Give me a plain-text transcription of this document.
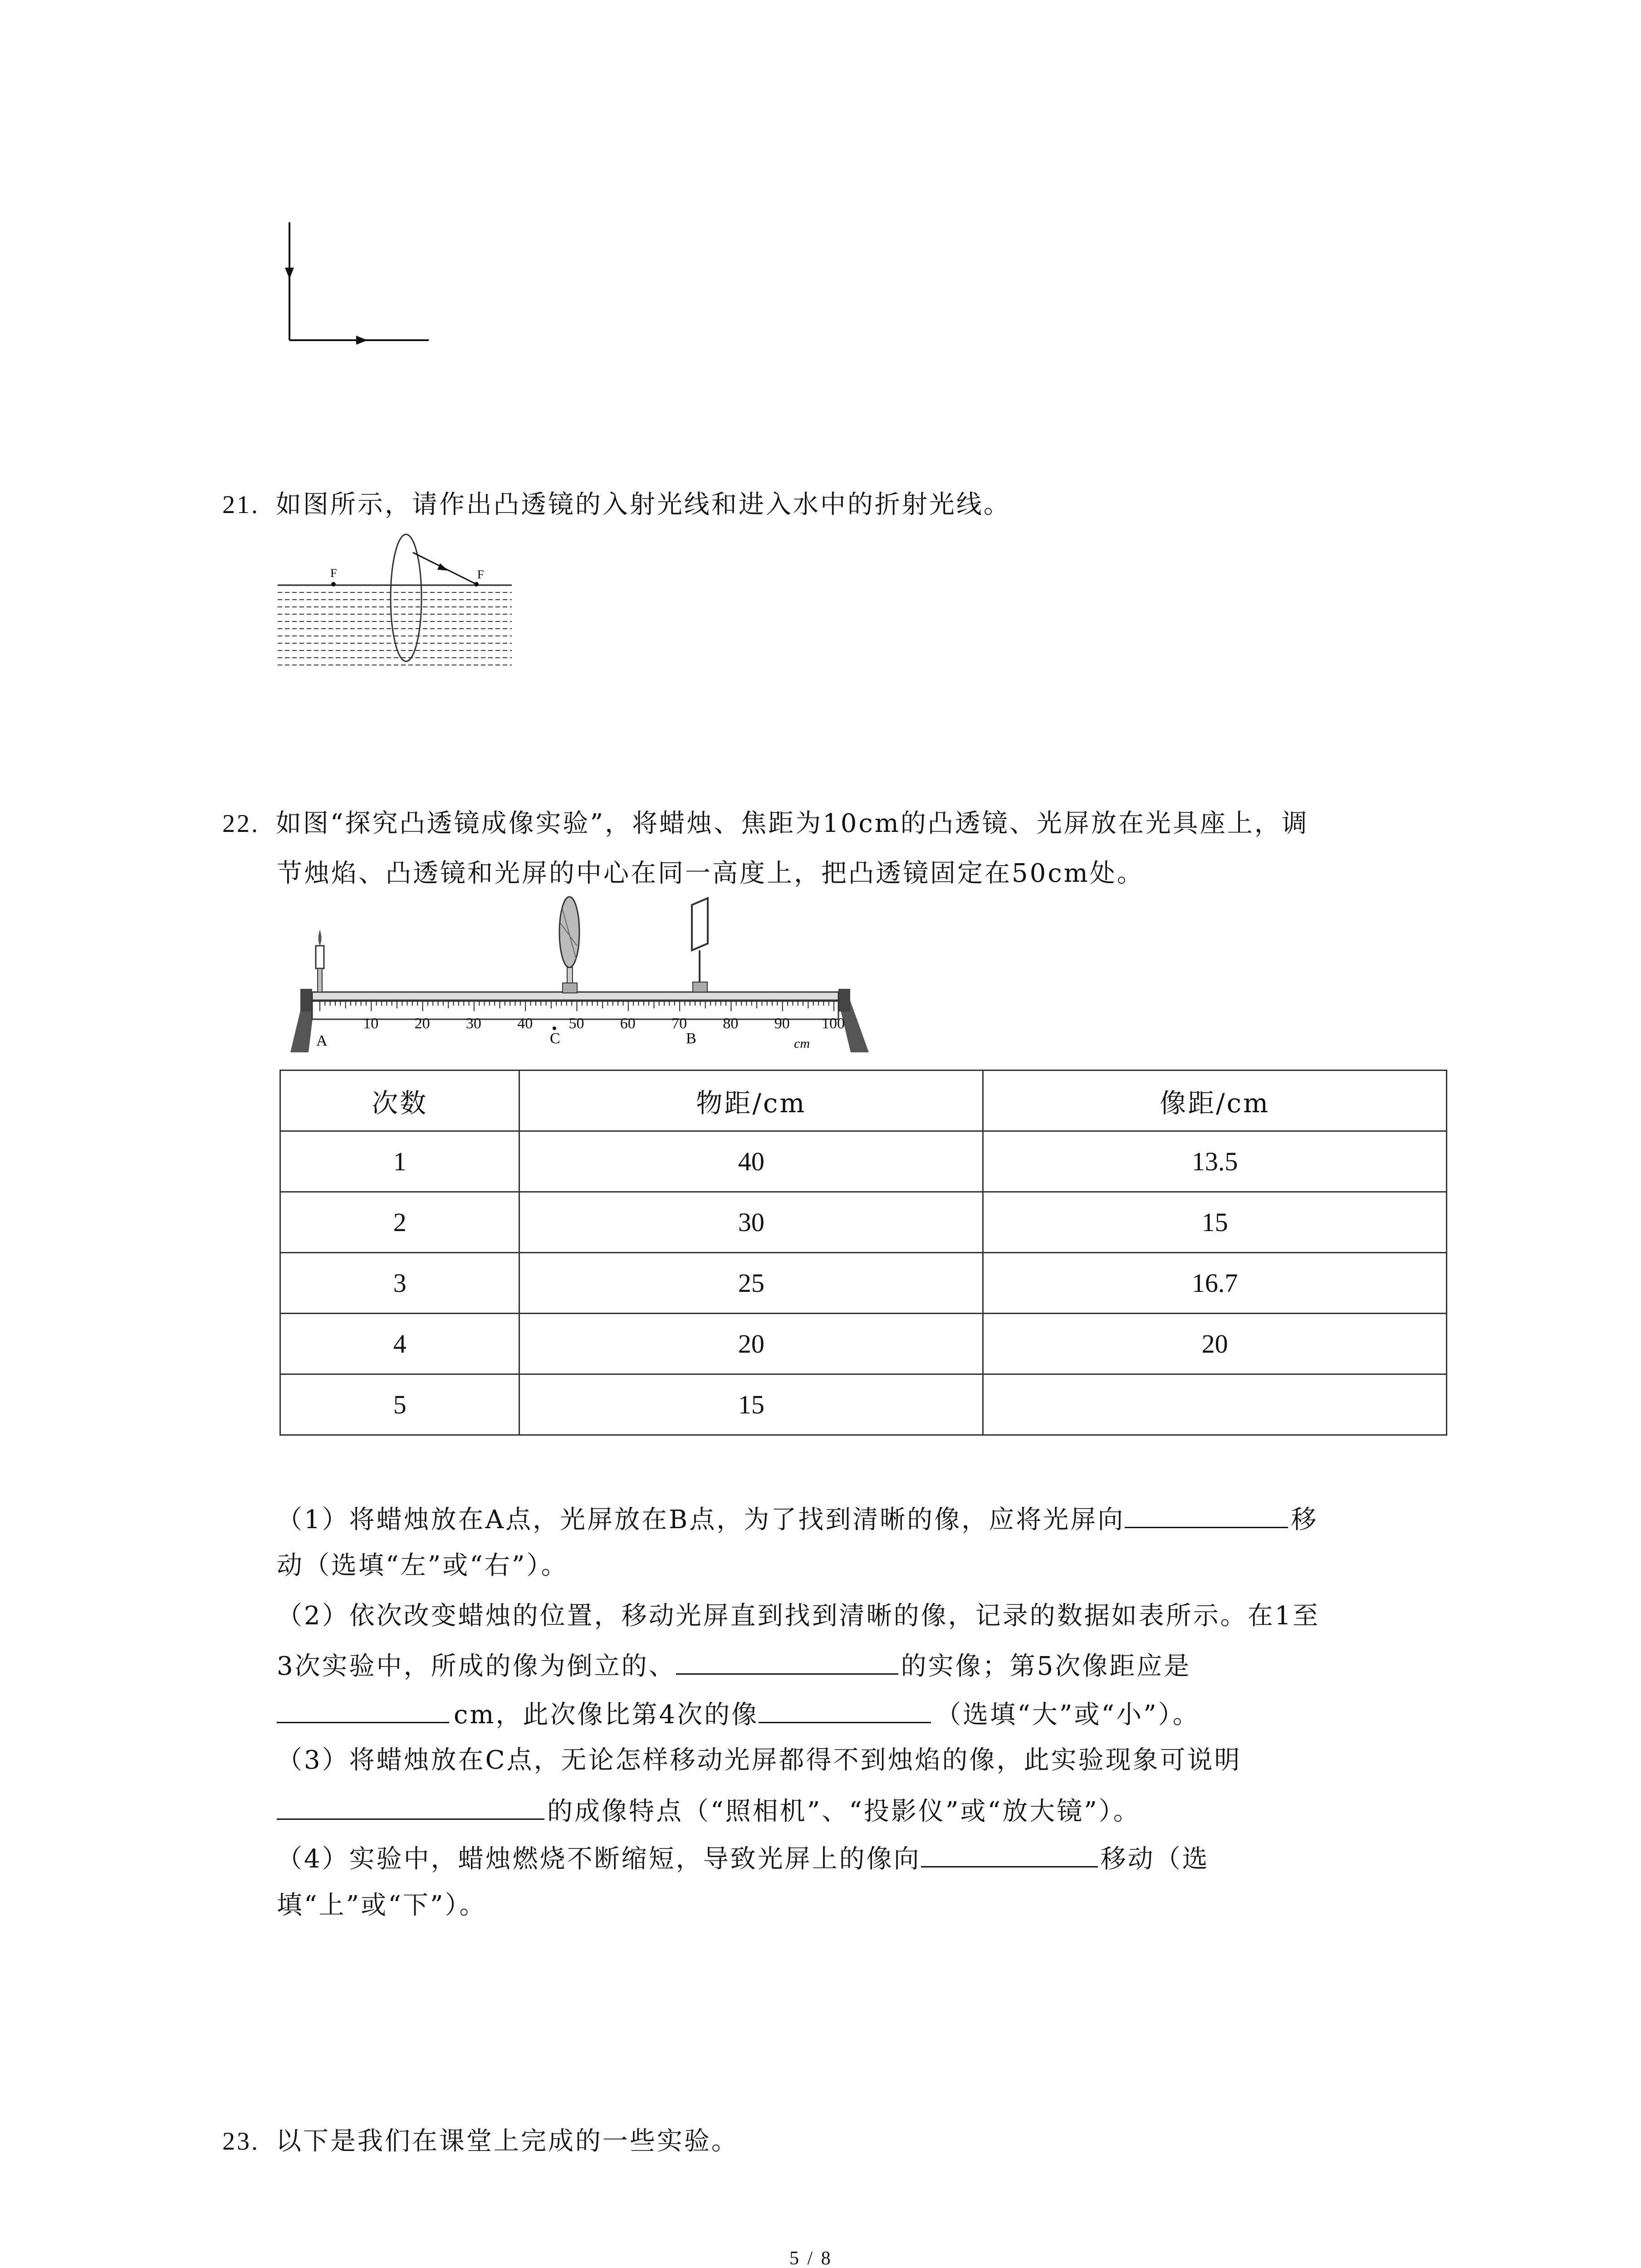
21. 如图所示，请作出凸透镜的入射光线和进入水中的折射光线。
F	F
22. 如图“探究凸透镜成像实验”，将蜡烛、焦距为10cm的凸透镜、光屏放在光具座上，调
节烛焰、凸透镜和光屏的中心在同一高度上，把凸透镜固定在50cm处。
10 20 30 40 50 60 70 80 90 100
A	B
C	cm
次数	物距/cm	像距/cm
1	40	13.5
2	30	15
3	25	16.7
4	20	20
5	15	
（1）将蜡烛放在A点，光屏放在B点，为了找到清晰的像，应将光屏向	移
动（选填“左”或“右”）。
（2）依次改变蜡烛的位置，移动光屏直到找到清晰的像，记录的数据如表所示。在1至
3次实验中，所成的像为倒立的、	的实像；第5次像距应是
cm，此次像比第4次的像	（选填“大”或“小”）。
（3）将蜡烛放在C点，无论怎样移动光屏都得不到烛焰的像，此实验现象可说明
的成像特点（“照相机”、“投影仪”或“放大镜”）。
（4）实验中，蜡烛燃烧不断缩短，导致光屏上的像向	移动（选
填“上”或“下”）。
23. 以下是我们在课堂上完成的一些实验。
5 / 8
